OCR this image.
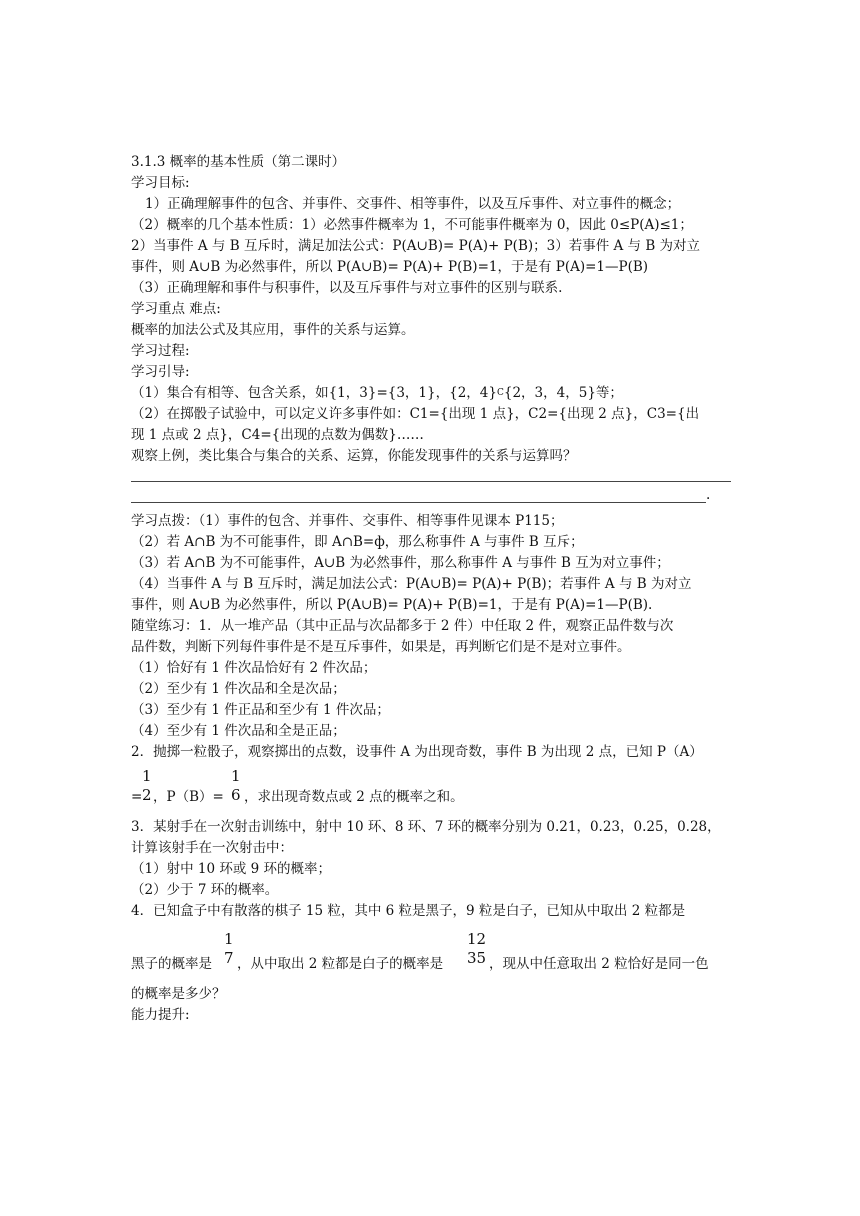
3.1.3 概率的基本性质（第二课时）
学习目标:
1）正确理解事件的包含、并事件、交事件、相等事件，以及互斥事件、对立事件的概念；
（2）概率的几个基本性质：1）必然事件概率为 1，不可能事件概率为 0，因此 0≤P(A)≤1；
2）当事件 A 与 B 互斥时，满足加法公式：P(A∪B)= P(A)+ P(B)；3）若事件 A 与 B 为对立
事件，则 A∪B 为必然事件，所以 P(A∪B)= P(A)+ P(B)=1，于是有 P(A)=1—P(B)
（3）正确理解和事件与积事件，以及互斥事件与对立事件的区别与联系.
学习重点 难点:
概率的加法公式及其应用，事件的关系与运算。
学习过程:
学习引导:
（1）集合有相等、包含关系，如{1，3}={3，1}，{2，4}C{2，3，4，5}等；
（2）在掷骰子试验中，可以定义许多事件如：C1={出现 1 点}，C2={出现 2 点}，C3={出
现 1 点或 2 点}，C4={出现的点数为偶数}……
观察上例，类比集合与集合的关系、运算，你能发现事件的关系与运算吗？
.
学习点拨：（1）事件的包含、并事件、交事件、相等事件见课本 P115；
（2）若 A∩B 为不可能事件，即 A∩B=ф，那么称事件 A 与事件 B 互斥；
（3）若 A∩B 为不可能事件，A∪B 为必然事件，那么称事件 A 与事件 B 互为对立事件；
（4）当事件 A 与 B 互斥时，满足加法公式：P(A∪B)= P(A)+ P(B)；若事件 A 与 B 为对立
事件，则 A∪B 为必然事件，所以 P(A∪B)= P(A)+ P(B)=1，于是有 P(A)=1—P(B).
随堂练习：1．从一堆产品（其中正品与次品都多于 2 件）中任取 2 件，观察正品件数与次
品件数，判断下列每件事件是不是互斥事件，如果是，再判断它们是不是对立事件。
（1）恰好有 1 件次品恰好有 2 件次品；
（2）至少有 1 件次品和全是次品；
（3）至少有 1 件正品和至少有 1 件次品；
（4）至少有 1 件次品和全是正品；
2．抛掷一粒骰子，观察掷出的点数，设事件 A 为出现奇数，事件 B 为出现 2 点，已知 P（A）
=
1
2 ，P（B）=
1
6 ，求出现奇数点或 2 点的概率之和。
3．某射手在一次射击训练中，射中 10 环、8 环、7 环的概率分别为 0.21，0.23，0.25，0.28，
计算该射手在一次射击中：
（1）射中 10 环或 9 环的概率；
（2）少于 7 环的概率。
4．已知盒子中有散落的棋子 15 粒，其中 6 粒是黑子，9 粒是白子，已知从中取出 2 粒都是
黑子的概率是
1
7 ，从中取出 2 粒都是白子的概率是
12
35 ，现从中任意取出 2 粒恰好是同一色
的概率是多少？
能力提升:
